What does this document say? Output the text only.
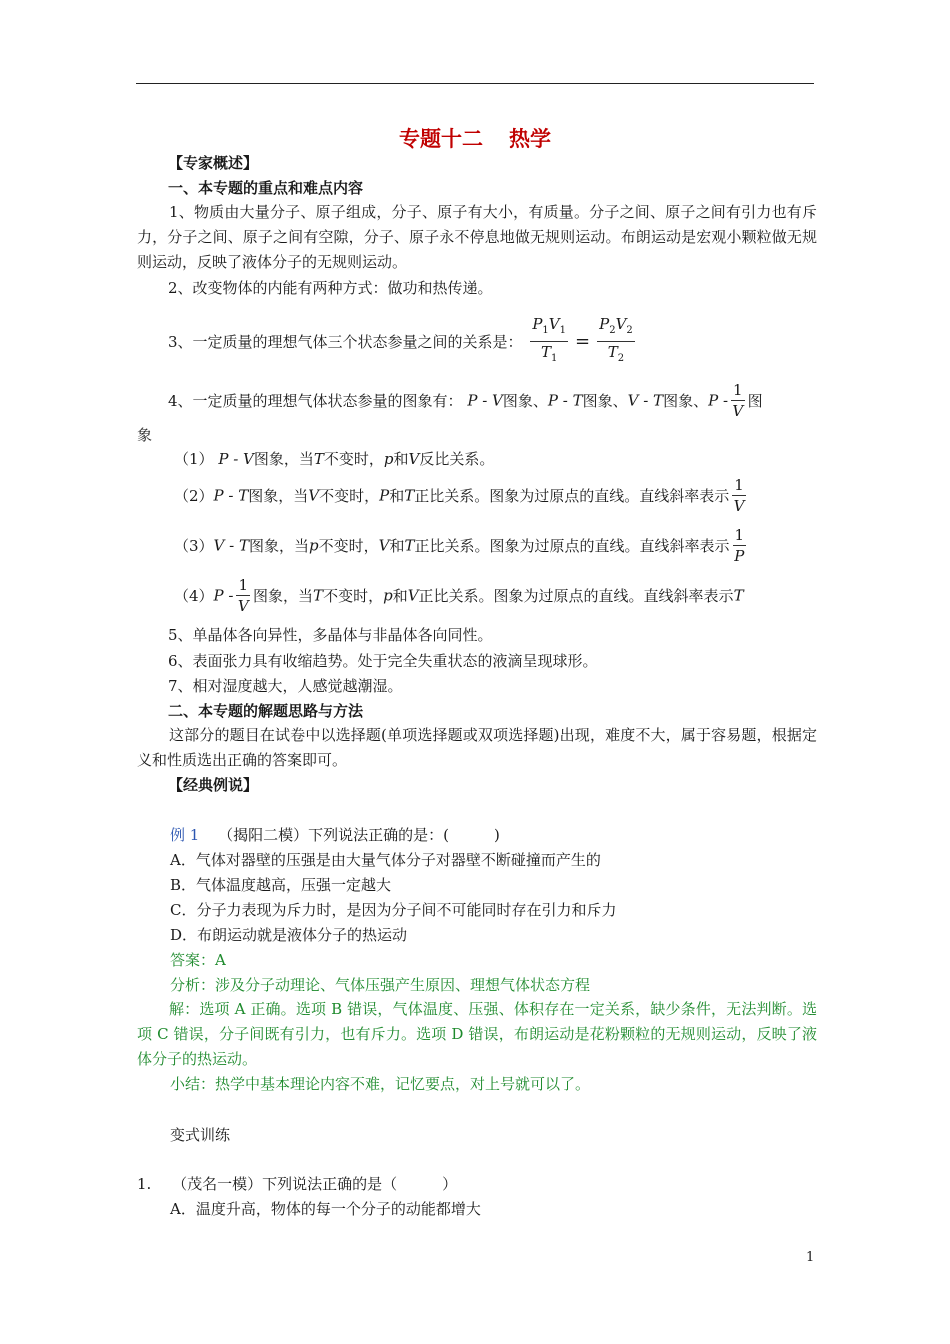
专题十二 热学
【专家概述】
一、本专题的重点和难点内容
1、物质由大量分子、原子组成，分子、原子有大小，有质量。分子之间、原子之间有引力也有斥力，分子之间、原子之间有空隙，分子、原子永不停息地做无规则运动。布朗运动是宏观小颗粒做无规则运动，反映了液体分子的无规则运动。
2、改变物体的内能有两种方式：做功和热传递。
3、一定质量的理想气体三个状态参量之间的关系是： $\frac{P_1V_1}{T_1} = \frac{P_2V_2}{T_2}$
4、一定质量的理想气体状态参量的图象有： P - V图象、P - T图象、V - T图象、P - $\frac{1}{V}$ 图
象
（1） P - V图象，当T不变时，p和V反比关系。
（2）P - T图象，当V不变时，P和T正比关系。图象为过原点的直线。直线斜率表示 $\frac{1}{V}$
（3）V - T图象，当p不变时，V和T正比关系。图象为过原点的直线。直线斜率表示 $\frac{1}{P}$
$(4)P - \frac{1}{V}$ 图象，当T不变时，p和V正比关系。图象为过原点的直线。直线斜率表示T
5、单晶体各向异性，多晶体与非晶体各向同性。
6、表面张力具有收缩趋势。处于完全失重状态的液滴呈现球形。
7、相对湿度越大，人感觉越潮湿。
二、本专题的解题思路与方法
这部分的题目在试卷中以选择题(单项选择题或双项选择题)出现，难度不大，属于容易题，根据定义和性质选出正确的答案即可。
【经典例说】
例 1 （揭阳二模）下列说法正确的是：(　　　)
A．气体对器壁的压强是由大量气体分子对器壁不断碰撞而产生的
B．气体温度越高，压强一定越大
C．分子力表现为斥力时，是因为分子间不可能同时存在引力和斥力
D．布朗运动就是液体分子的热运动
答案：A
分析：涉及分子动理论、气体压强产生原因、理想气体状态方程
解：选项 A 正确。选项 B 错误，气体温度、压强、体积存在一定关系，缺少条件，无法判断。选项 C 错误，分子间既有引力，也有斥力。选项 D 错误，布朗运动是花粉颗粒的无规则运动，反映了液体分子的热运动。
小结：热学中基本理论内容不难，记忆要点，对上号就可以了。
变式训练
1. （茂名一模）下列说法正确的是（　　　）
A．温度升高，物体的每一个分子的动能都增大
1
